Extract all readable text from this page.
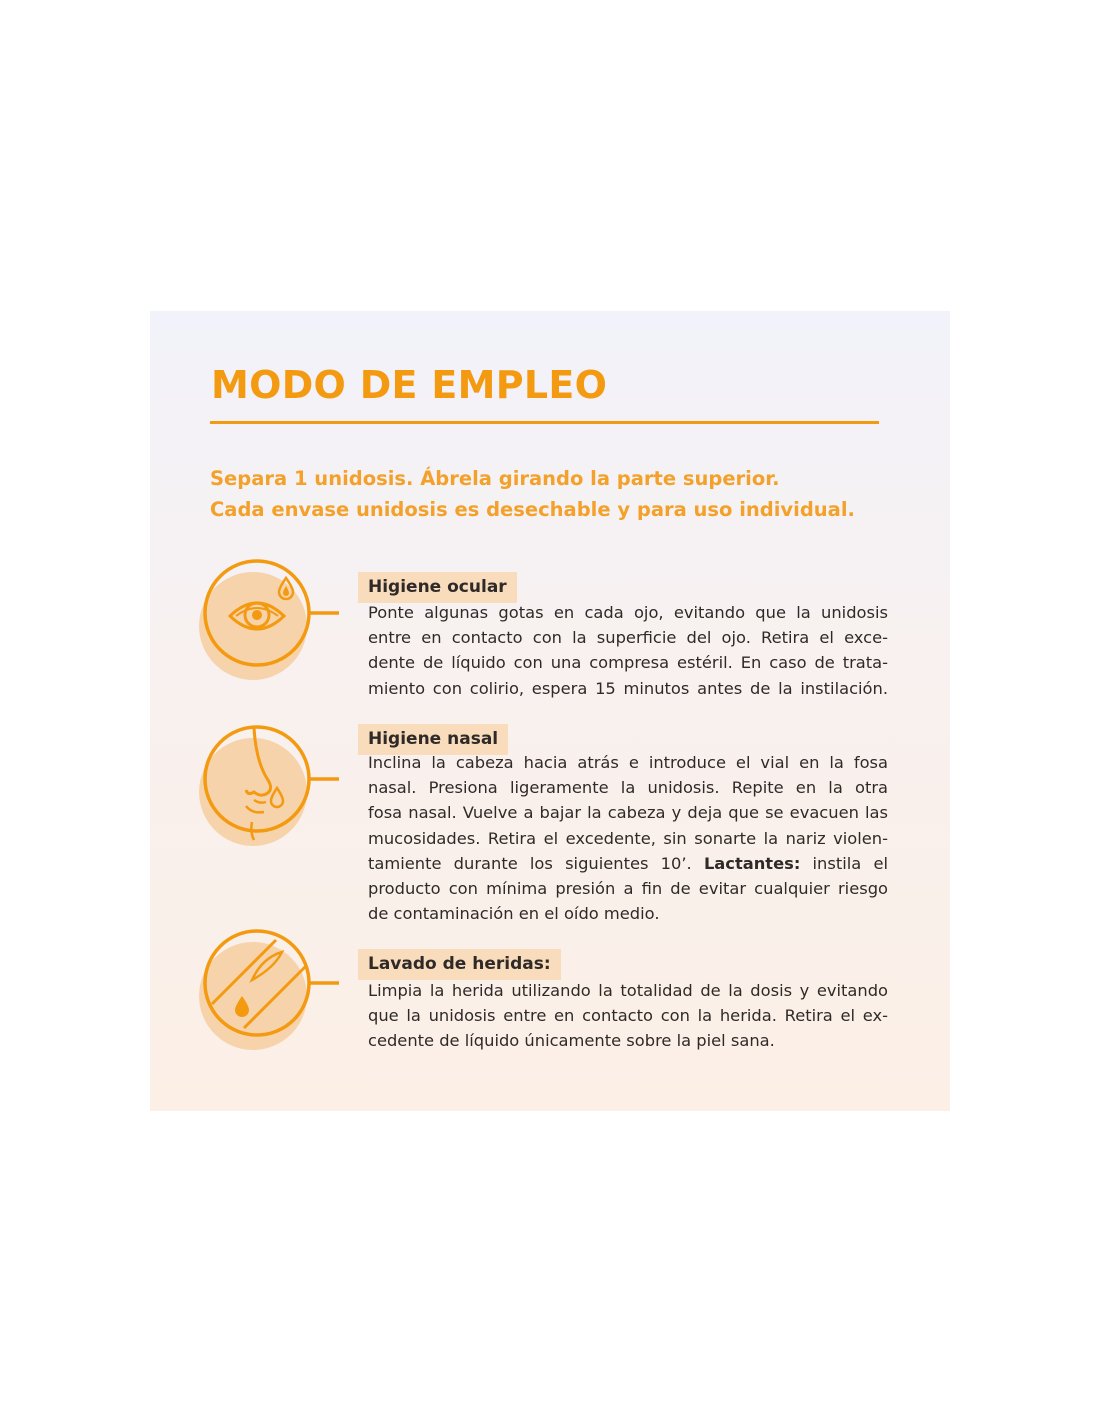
MODO DE EMPLEO
Separa 1 unidosis. Ábrela girando la parte superior.
Cada envase unidosis es desechable y para uso individual.
Higiene ocular
Ponte algunas gotas en cada ojo, evitando que la unidosis
entre en contacto con la superficie del ojo. Retira el exce-
dente de líquido con una compresa estéril. En caso de trata-
miento con colirio, espera 15 minutos antes de la instilación.
Higiene nasal
Inclina la cabeza hacia atrás e introduce el vial en la fosa
nasal. Presiona ligeramente la unidosis. Repite en la otra
fosa nasal. Vuelve a bajar la cabeza y deja que se evacuen las
mucosidades. Retira el excedente, sin sonarte la nariz violen-
tamiente durante los siguientes 10’. Lactantes: instila el
producto con mínima presión a fin de evitar cualquier riesgo
de contaminación en el oído medio.
Lavado de heridas:
Limpia la herida utilizando la totalidad de la dosis y evitando
que la unidosis entre en contacto con la herida. Retira el ex-
cedente de líquido únicamente sobre la piel sana.
